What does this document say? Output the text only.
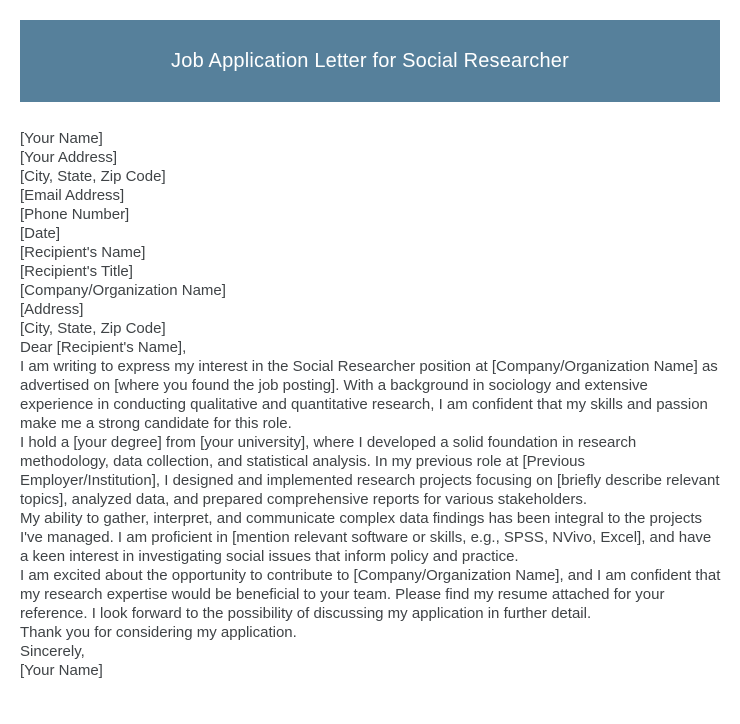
Job Application Letter for Social Researcher
[Your Name]
[Your Address]
[City, State, Zip Code]
[Email Address]
[Phone Number]
[Date]
[Recipient's Name]
[Recipient's Title]
[Company/Organization Name]
[Address]
[City, State, Zip Code]
Dear [Recipient's Name],

I am writing to express my interest in the Social Researcher position at [Company/Organization Name] as advertised on [where you found the job posting]. With a background in sociology and extensive experience in conducting qualitative and quantitative research, I am confident that my skills and passion make me a strong candidate for this role.

I hold a [your degree] from [your university], where I developed a solid foundation in research methodology, data collection, and statistical analysis. In my previous role at [Previous Employer/Institution], I designed and implemented research projects focusing on [briefly describe relevant topics], analyzed data, and prepared comprehensive reports for various stakeholders.

My ability to gather, interpret, and communicate complex data findings has been integral to the projects I've managed. I am proficient in [mention relevant software or skills, e.g., SPSS, NVivo, Excel], and have a keen interest in investigating social issues that inform policy and practice.

I am excited about the opportunity to contribute to [Company/Organization Name], and I am confident that my research expertise would be beneficial to your team. Please find my resume attached for your reference. I look forward to the possibility of discussing my application in further detail.

Thank you for considering my application.
Sincerely,
[Your Name]
